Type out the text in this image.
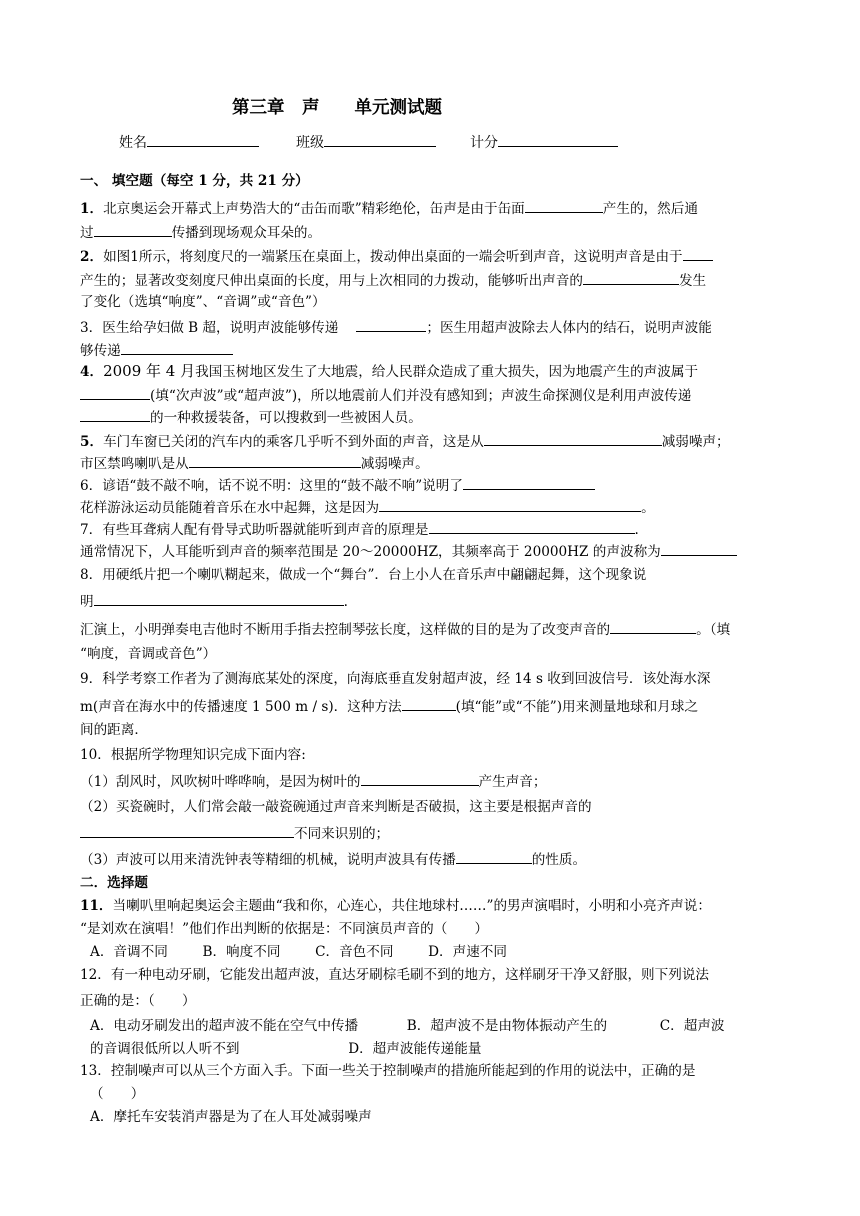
第三章　声　　单元测试题
姓名	班级	计分
一、 填空题（每空 1 分，共 21 分）
1．北京奥运会开幕式上声势浩大的“击缶而歌”精彩绝伦，缶声是由于缶面	产生的，然后通
过	传播到现场观众耳朵的。
2．如图1所示，将刻度尺的一端紧压在桌面上，拨动伸出桌面的一端会听到声音，这说明声音是由于
产生的；显著改变刻度尺伸出桌面的长度，用与上次相同的力拨动，能够听出声音的	发生
了变化（选填“响度”、“音调”或“音色”）
3．医生给孕妇做 B 超，说明声波能够传递	；医生用超声波除去人体内的结石，说明声波能
够传递
4．2009 年 4 月我国玉树地区发生了大地震，给人民群众造成了重大损失，因为地震产生的声波属于
(填“次声波”或“超声波”)，所以地震前人们并没有感知到；声波生命探测仪是利用声波传递
的一种救援装备，可以搜救到一些被困人员。
5．车门车窗已关闭的汽车内的乘客几乎听不到外面的声音，这是从	减弱噪声；
市区禁鸣喇叭是从	减弱噪声。
6．谚语“鼓不敲不响，话不说不明：这里的“鼓不敲不响”说明了
花样游泳运动员能随着音乐在水中起舞，这是因为	。
7．有些耳聋病人配有骨导式助听器就能听到声音的原理是	.
通常情况下，人耳能听到声音的频率范围是 20～20000HZ，其频率高于 20000HZ 的声波称为
8．用硬纸片把一个喇叭糊起来，做成一个“舞台”．台上小人在音乐声中翩翩起舞，这个现象说
明	.
汇演上，小明弹奏电吉他时不断用手指去控制琴弦长度，这样做的目的是为了改变声音的	。（填
“响度，音调或音色”）
9．科学考察工作者为了测海底某处的深度，向海底垂直发射超声波，经 14 s 收到回波信号．该处海水深
m(声音在海水中的传播速度 1 500 m / s)．这种方法	(填“能”或“不能”)用来测量地球和月球之
间的距离．
10．根据所学物理知识完成下面内容:
（1）刮风时，风吹树叶哗哗响，是因为树叶的	产生声音；
（2）买瓷碗时，人们常会敲一敲瓷碗通过声音来判断是否破损，这主要是根据声音的
不同来识别的；
（3）声波可以用来清洗钟表等精细的机械，说明声波具有传播	的性质。
二．选择题
11．当喇叭里响起奥运会主题曲“我和你，心连心，共住地球村……”的男声演唱时，小明和小亮齐声说：
“是刘欢在演唱！”他们作出判断的依据是：不同演员声音的（　　）
A．音调不同	B．响度不同	C．音色不同	D．声速不同
12．有一种电动牙刷，它能发出超声波，直达牙刷棕毛刷不到的地方，这样刷牙干净又舒服，则下列说法
正确的是：（　　）
A．电动牙刷发出的超声波不能在空气中传播	B．超声波不是由物体振动产生的	C．超声波
的音调很低所以人听不到	D．超声波能传递能量
13．控制噪声可以从三个方面入手。下面一些关于控制噪声的措施所能起到的作用的说法中，正确的是
（　　）
A．摩托车安装消声器是为了在人耳处减弱噪声
